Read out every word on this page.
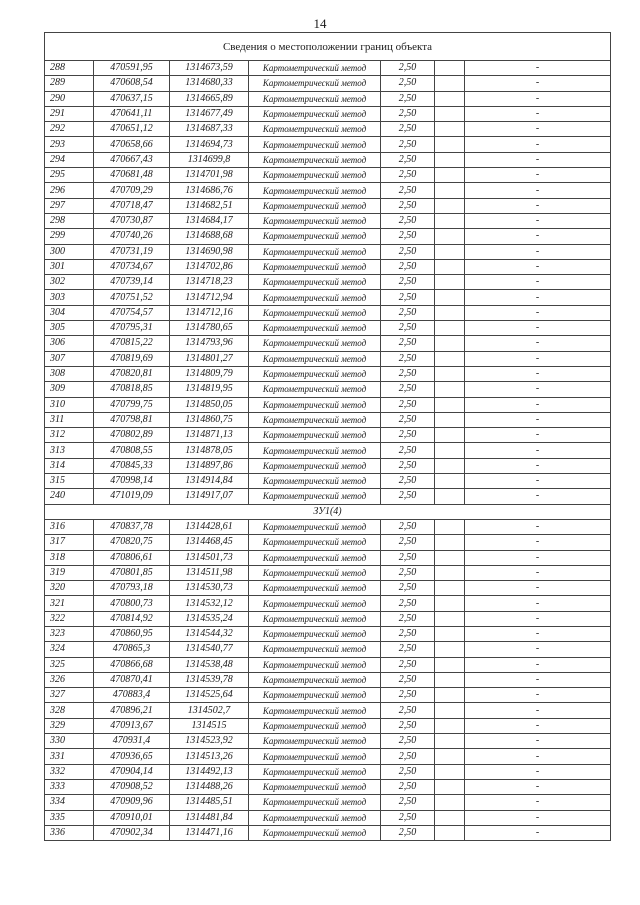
14
Сведения о местоположении границ объекта						
288	470591,95	1314673,59	Картометрический метод	2,50		-
289	470608,54	1314680,33	Картометрический метод	2,50		-
290	470637,15	1314665,89	Картометрический метод	2,50		-
291	470641,11	1314677,49	Картометрический метод	2,50		-
292	470651,12	1314687,33	Картометрический метод	2,50		-
293	470658,66	1314694,73	Картометрический метод	2,50		-
294	470667,43	1314699,8	Картометрический метод	2,50		-
295	470681,48	1314701,98	Картометрический метод	2,50		-
296	470709,29	1314686,76	Картометрический метод	2,50		-
297	470718,47	1314682,51	Картометрический метод	2,50		-
298	470730,87	1314684,17	Картометрический метод	2,50		-
299	470740,26	1314688,68	Картометрический метод	2,50		-
300	470731,19	1314690,98	Картометрический метод	2,50		-
301	470734,67	1314702,86	Картометрический метод	2,50		-
302	470739,14	1314718,23	Картометрический метод	2,50		-
303	470751,52	1314712,94	Картометрический метод	2,50		-
304	470754,57	1314712,16	Картометрический метод	2,50		-
305	470795,31	1314780,65	Картометрический метод	2,50		-
306	470815,22	1314793,96	Картометрический метод	2,50		-
307	470819,69	1314801,27	Картометрический метод	2,50		-
308	470820,81	1314809,79	Картометрический метод	2,50		-
309	470818,85	1314819,95	Картометрический метод	2,50		-
310	470799,75	1314850,05	Картометрический метод	2,50		-
311	470798,81	1314860,75	Картометрический метод	2,50		-
312	470802,89	1314871,13	Картометрический метод	2,50		-
313	470808,55	1314878,05	Картометрический метод	2,50		-
314	470845,33	1314897,86	Картометрический метод	2,50		-
315	470998,14	1314914,84	Картометрический метод	2,50		-
240	471019,09	1314917,07	Картометрический метод	2,50		-
ЗУ1(4)						
316	470837,78	1314428,61	Картометрический метод	2,50		-
317	470820,75	1314468,45	Картометрический метод	2,50		-
318	470806,61	1314501,73	Картометрический метод	2,50		-
319	470801,85	1314511,98	Картометрический метод	2,50		-
320	470793,18	1314530,73	Картометрический метод	2,50		-
321	470800,73	1314532,12	Картометрический метод	2,50		-
322	470814,92	1314535,24	Картометрический метод	2,50		-
323	470860,95	1314544,32	Картометрический метод	2,50		-
324	470865,3	1314540,77	Картометрический метод	2,50		-
325	470866,68	1314538,48	Картометрический метод	2,50		-
326	470870,41	1314539,78	Картометрический метод	2,50		-
327	470883,4	1314525,64	Картометрический метод	2,50		-
328	470896,21	1314502,7	Картометрический метод	2,50		-
329	470913,67	1314515	Картометрический метод	2,50		-
330	470931,4	1314523,92	Картометрический метод	2,50		-
331	470936,65	1314513,26	Картометрический метод	2,50		-
332	470904,14	1314492,13	Картометрический метод	2,50		-
333	470908,52	1314488,26	Картометрический метод	2,50		-
334	470909,96	1314485,51	Картометрический метод	2,50		-
335	470910,01	1314481,84	Картометрический метод	2,50		-
336	470902,34	1314471,16	Картометрический метод	2,50		-
